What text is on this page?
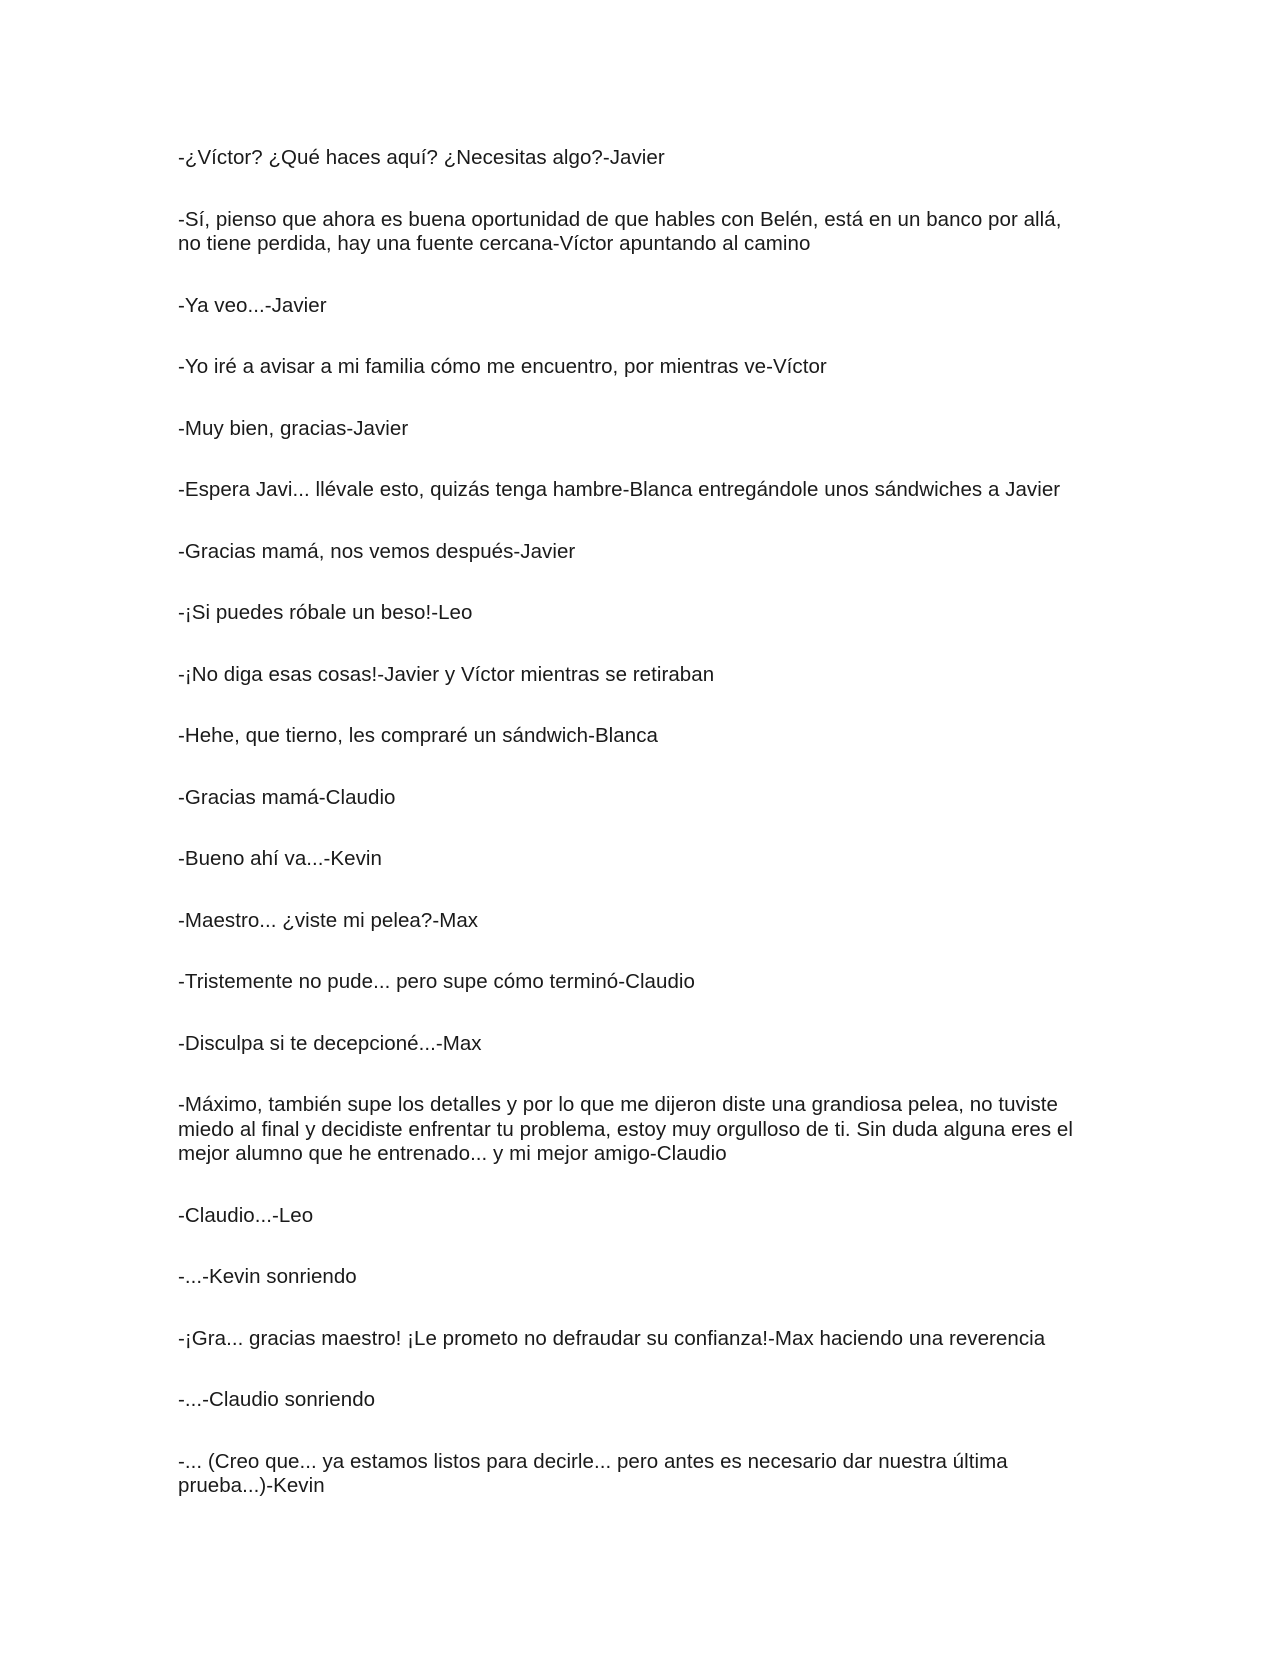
-¿Víctor? ¿Qué haces aquí? ¿Necesitas algo?-Javier

-Sí, pienso que ahora es buena oportunidad de que hables con Belén, está en un banco por allá,
no tiene perdida, hay una fuente cercana-Víctor apuntando al camino

-Ya veo...-Javier

-Yo iré a avisar a mi familia cómo me encuentro, por mientras ve-Víctor

-Muy bien, gracias-Javier

-Espera Javi... llévale esto, quizás tenga hambre-Blanca entregándole unos sándwiches a Javier

-Gracias mamá, nos vemos después-Javier

-¡Si puedes róbale un beso!-Leo

-¡No diga esas cosas!-Javier y Víctor mientras se retiraban

-Hehe, que tierno, les compraré un sándwich-Blanca

-Gracias mamá-Claudio

-Bueno ahí va...-Kevin

-Maestro... ¿viste mi pelea?-Max

-Tristemente no pude... pero supe cómo terminó-Claudio

-Disculpa si te decepcioné...-Max

-Máximo, también supe los detalles y por lo que me dijeron diste una grandiosa pelea, no tuviste
miedo al final y decidiste enfrentar tu problema, estoy muy orgulloso de ti. Sin duda alguna eres el
mejor alumno que he entrenado... y mi mejor amigo-Claudio

-Claudio...-Leo

-...-Kevin sonriendo

-¡Gra... gracias maestro! ¡Le prometo no defraudar su confianza!-Max haciendo una reverencia

-...-Claudio sonriendo

-... (Creo que... ya estamos listos para decirle... pero antes es necesario dar nuestra última
prueba...)-Kevin
